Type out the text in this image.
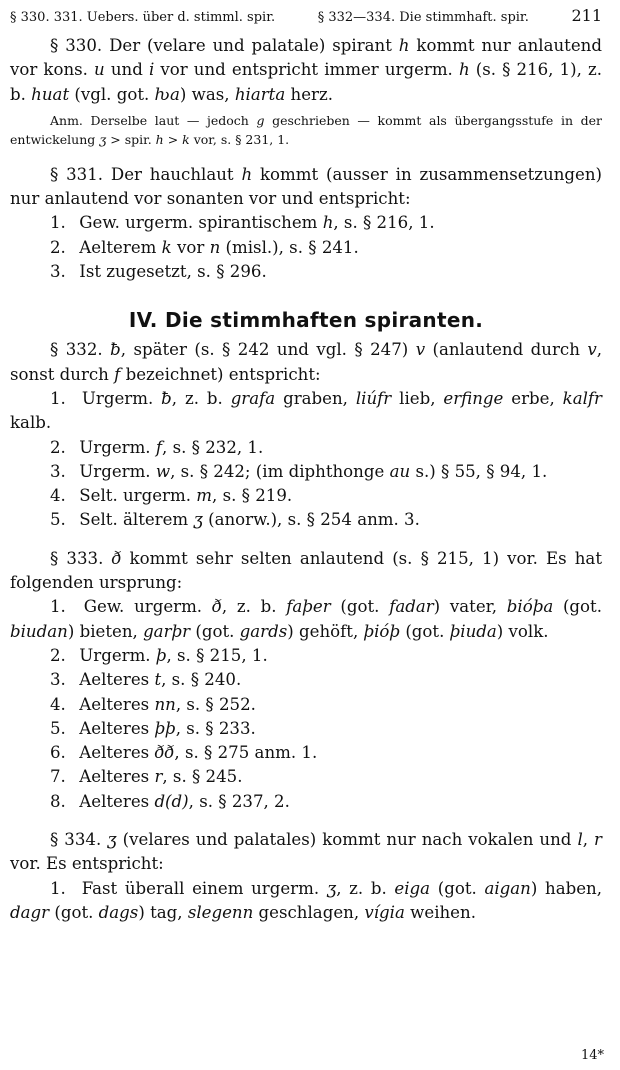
§ 330. 331. Uebers. über d. stimml. spir.	§ 332—334. Die stimmhaft. spir.	211

§ 330. Der (velare und palatale) spirant h kommt nur anlautend vor kons. u und i vor und entspricht immer urgerm. h (s. § 216, 1), z. b. huat (vgl. got. ƕa) was, hiarta herz.

Anm. Derselbe laut — jedoch g geschrieben — kommt als übergangsstufe in der entwickelung ʒ > spir. h > k vor, s. § 231, 1.

§ 331. Der hauchlaut h kommt (ausser in zusammensetzungen) nur anlautend vor sonanten vor und entspricht:

1. Gew. urgerm. spirantischem h, s. § 216, 1.
2. Aelterem k vor n (misl.), s. § 241.
3. Ist zugesetzt, s. § 296.
IV. Die stimmhaften spiranten.

§ 332. ƀ, später (s. § 242 und vgl. § 247) v (anlautend durch v, sonst durch f bezeichnet) entspricht:

1. Urgerm. ƀ, z. b. grafa graben, liúfr lieb, erfinge erbe, kalfr kalb.
2. Urgerm. f, s. § 232, 1.
3. Urgerm. w, s. § 242; (im diphthonge au s.) § 55, § 94, 1.
4. Selt. urgerm. m, s. § 219.
5. Selt. älterem ʒ (anorw.), s. § 254 anm. 3.

§ 333. ð kommt sehr selten anlautend (s. § 215, 1) vor. Es hat folgenden ursprung:

1. Gew. urgerm. ð, z. b. faþer (got. fadar) vater, bióþa (got. biudan) bieten, garþr (got. gards) gehöft, þióþ (got. þiuda) volk.
2. Urgerm. þ, s. § 215, 1.
3. Aelteres t, s. § 240.
4. Aelteres nn, s. § 252.
5. Aelteres þþ, s. § 233.
6. Aelteres ðð, s. § 275 anm. 1.
7. Aelteres r, s. § 245.
8. Aelteres d(d), s. § 237, 2.

§ 334. ʒ (velares und palatales) kommt nur nach vokalen und l, r vor. Es entspricht:

1. Fast überall einem urgerm. ʒ, z. b. eiga (got. aigan) haben, dagr (got. dags) tag, slegenn geschlagen, vígia weihen.
14*
